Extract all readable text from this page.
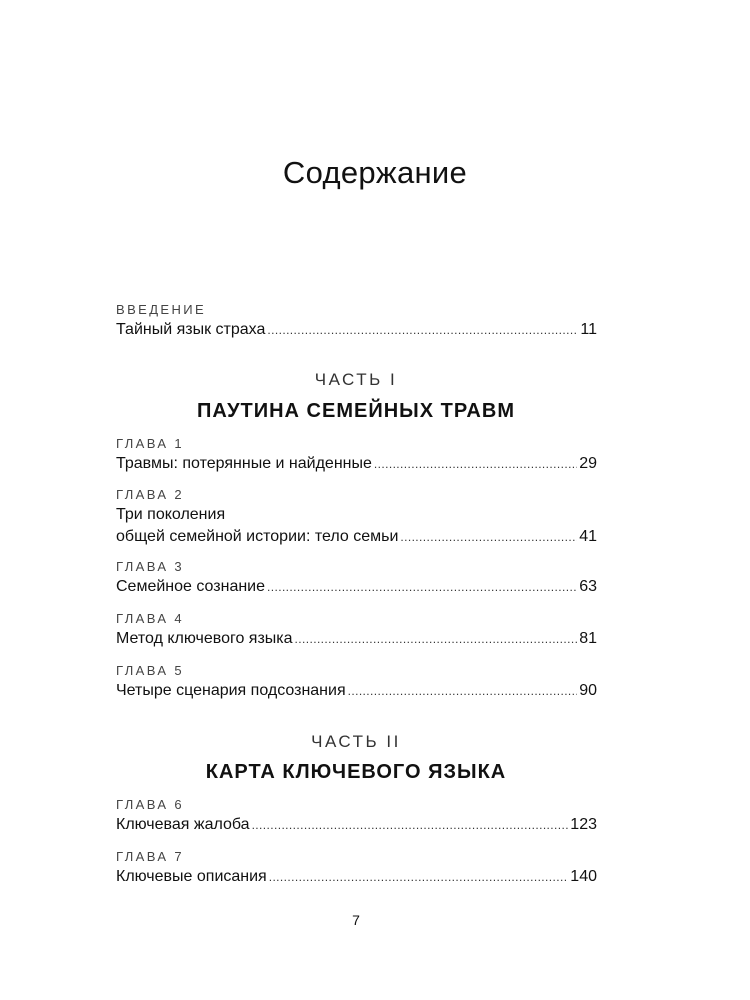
Содержание
ВВЕДЕНИЕ
Тайный язык страха .....	11
ЧАСТЬ I
ПАУТИНА СЕМЕЙНЫХ ТРАВМ
ГЛАВА 1
Травмы: потерянные и найденные .....	29
ГЛАВА 2
Три поколения
общей семейной истории: тело семьи .....	41
ГЛАВА 3
Семейное сознание .....	63
ГЛАВА 4
Метод ключевого языка .....	81
ГЛАВА 5
Четыре сценария подсознания .....	90
ЧАСТЬ II
КАРТА КЛЮЧЕВОГО ЯЗЫКА
ГЛАВА 6
Ключевая жалоба .....	123
ГЛАВА 7
Ключевые описания .....	140
7
